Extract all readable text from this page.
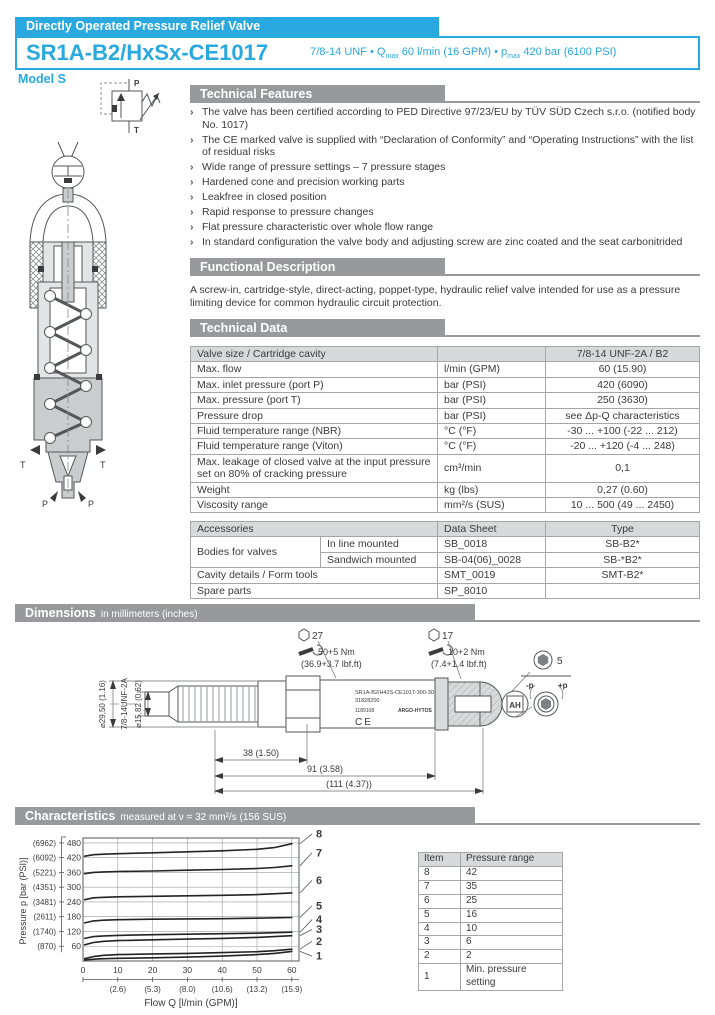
Directly Operated Pressure Relief Valve
SR1A-B2/HxSx-CE1017	7/8-14 UNF • $Q_{max}$ 60 l/min (16 GPM) • $p_{max}$ 420 bar (6100 PSI)
Model S	P
T
T	T
P	P
Technical Features
› The valve has been certified according to PED Directive 97/23/EU by TÜV SÜD Czech s.r.o. (notified body No. 1017)
› The CE marked valve is supplied with “Declaration of Conformity” and “Operating Instructions” with the list of residual risks
› Wide range of pressure settings – 7 pressure stages
› Hardened cone and precision working parts
› Leakfree in closed position
› Rapid response to pressure changes
› Flat pressure characteristic over whole flow range
› In standard configuration the valve body and adjusting screw are zinc coated and the seat carbonitrided
Functional Description
A screw-in, cartridge-style, direct-acting, poppet-type, hydraulic relief valve intended for use as a pressure limiting device for common hydraulic circuit protection.
Technical Data
Valve size / Cartridge cavity		7/8-14 UNF-2A / B2
Max. flow	l/min (GPM)	60 (15.90)
Max. inlet pressure (port P)	bar (PSI)	420 (6090)
Max. pressure (port T)	bar (PSI)	250 (3630)
Pressure drop	bar (PSI)	see Δp-Q characteristics
Fluid temperature range (NBR)	°C (°F)	-30 ... +100 (-22 ... 212)
Fluid temperature range (Viton)	°C (°F)	-20 ... +120 (-4 ... 248)
Max. leakage of closed valve at the input pressure set on 80% of cracking pressure	cm³/min	0,1
Weight	kg (lbs)	0,27 (0.60)
Viscosity range	mm²/s (SUS)	10 ... 500 (49 ... 2450)
Accessories		Data Sheet	Type
Bodies for valves	In line mounted	SB_0018	SB-B2*
	Sandwich mounted	SB-04(06)_0028	SB-*B2*
Cavity details / Form tools		SMT_0019	SMT-B2*
Spare parts		SP_8010	
Dimensions in millimeters (inches)
SR1A-B2/H42S-CE1017-300-30
31828200
1189108	ARGO-HYTOS
CE
AH
27
50+5 Nm
(36.9+3.7 lbf.ft)
17
10+2 Nm
(7.4+1.4 lbf.ft)
⌀29,50 (1.16) 7/8-14UNF-2A ⌀15,82 (0.62)
38 (1.50)
91 (3.58)
(111 (4.37))
5
-p	+p
Characteristics measured at ν = 32 mm²/s (156 SUS)
60
(870)
120
(1740)
180
(2611)
240
(3481)
300
(4351)
360
(5221)
420
(6092)
480
(6962)
0	10
(2.6)
20
(5.3)
30
(8.0)
40
(10.6)
50
(13.2)
60
(15.9)
Pressure p [bar (PSI)]
Flow Q [l/min (GPM)]
1
2
3
4
5
6
7
8
Item	Pressure range
8	42
7	35
6	25
5	16
4	10
3	6
2	2
1	Min. pressure setting
